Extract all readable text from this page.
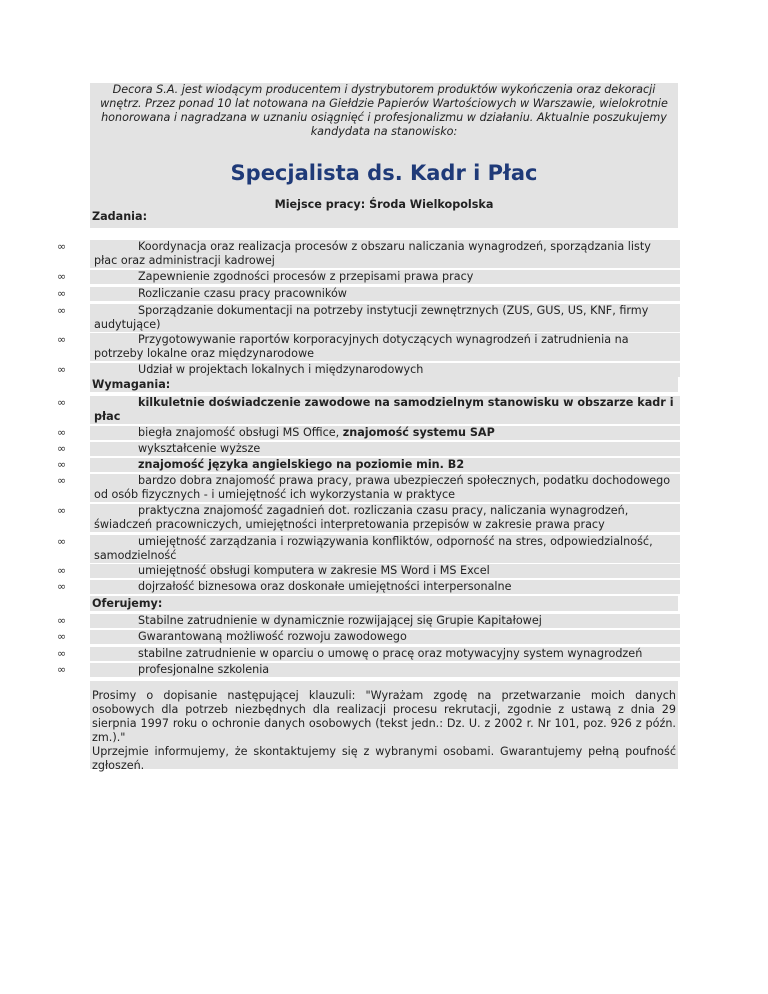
Decora S.A. jest wiodącym producentem i dystrybutorem produktów wykończenia oraz dekoracji wnętrz. Przez ponad 10 lat notowana na Giełdzie Papierów Wartościowych w Warszawie, wielokrotnie honorowana i nagradzana w uznaniu osiągnięć i profesjonalizmu w działaniu. Aktualnie poszukujemy kandydata na stanowisko:

Specjalista ds. Kadr i Płac
Miejsce pracy: Środa Wielkopolska
Zadania:
∞	Koordynacja oraz realizacja procesów z obszaru naliczania wynagrodzeń, sporządzania listy płac oraz administracji kadrowej
∞	Zapewnienie zgodności procesów z przepisami prawa pracy
∞	Rozliczanie czasu pracy pracowników
∞	Sporządzanie dokumentacji na potrzeby instytucji zewnętrznych (ZUS, GUS, US, KNF, firmy audytujące)
∞	Przygotowywanie raportów korporacyjnych dotyczących wynagrodzeń i zatrudnienia na potrzeby lokalne oraz międzynarodowe
∞	Udział w projektach lokalnych i międzynarodowych
Wymagania:
∞	kilkuletnie doświadczenie zawodowe na samodzielnym stanowisku w obszarze kadr i płac
∞	biegła znajomość obsługi MS Office, znajomość systemu SAP
∞	wykształcenie wyższe
∞	znajomość języka angielskiego na poziomie min. B2
∞	bardzo dobra znajomość prawa pracy, prawa ubezpieczeń społecznych, podatku dochodowego od osób fizycznych - i umiejętność ich wykorzystania w praktyce
∞	praktyczna znajomość zagadnień dot. rozliczania czasu pracy, naliczania wynagrodzeń, świadczeń pracowniczych, umiejętności interpretowania przepisów w zakresie prawa pracy
∞	umiejętność zarządzania i rozwiązywania konfliktów, odporność na stres, odpowiedzialność, samodzielność
∞	umiejętność obsługi komputera w zakresie MS Word i MS Excel
∞	dojrzałość biznesowa oraz doskonałe umiejętności interpersonalne
Oferujemy:
∞	Stabilne zatrudnienie w dynamicznie rozwijającej się Grupie Kapitałowej
∞	Gwarantowaną możliwość rozwoju zawodowego
∞	stabilne zatrudnienie w oparciu o umowę o pracę oraz motywacyjny system wynagrodzeń
∞	profesjonalne szkolenia

Prosimy o dopisanie następującej klauzuli: "Wyrażam zgodę na przetwarzanie moich danych osobowych dla potrzeb niezbędnych dla realizacji procesu rekrutacji, zgodnie z ustawą z dnia 29 sierpnia 1997 roku o ochronie danych osobowych (tekst jedn.: Dz. U. z 2002 r. Nr 101, poz. 926 z późn. zm.)."

Uprzejmie informujemy, że skontaktujemy się z wybranymi osobami. Gwarantujemy pełną poufność zgłoszeń.
